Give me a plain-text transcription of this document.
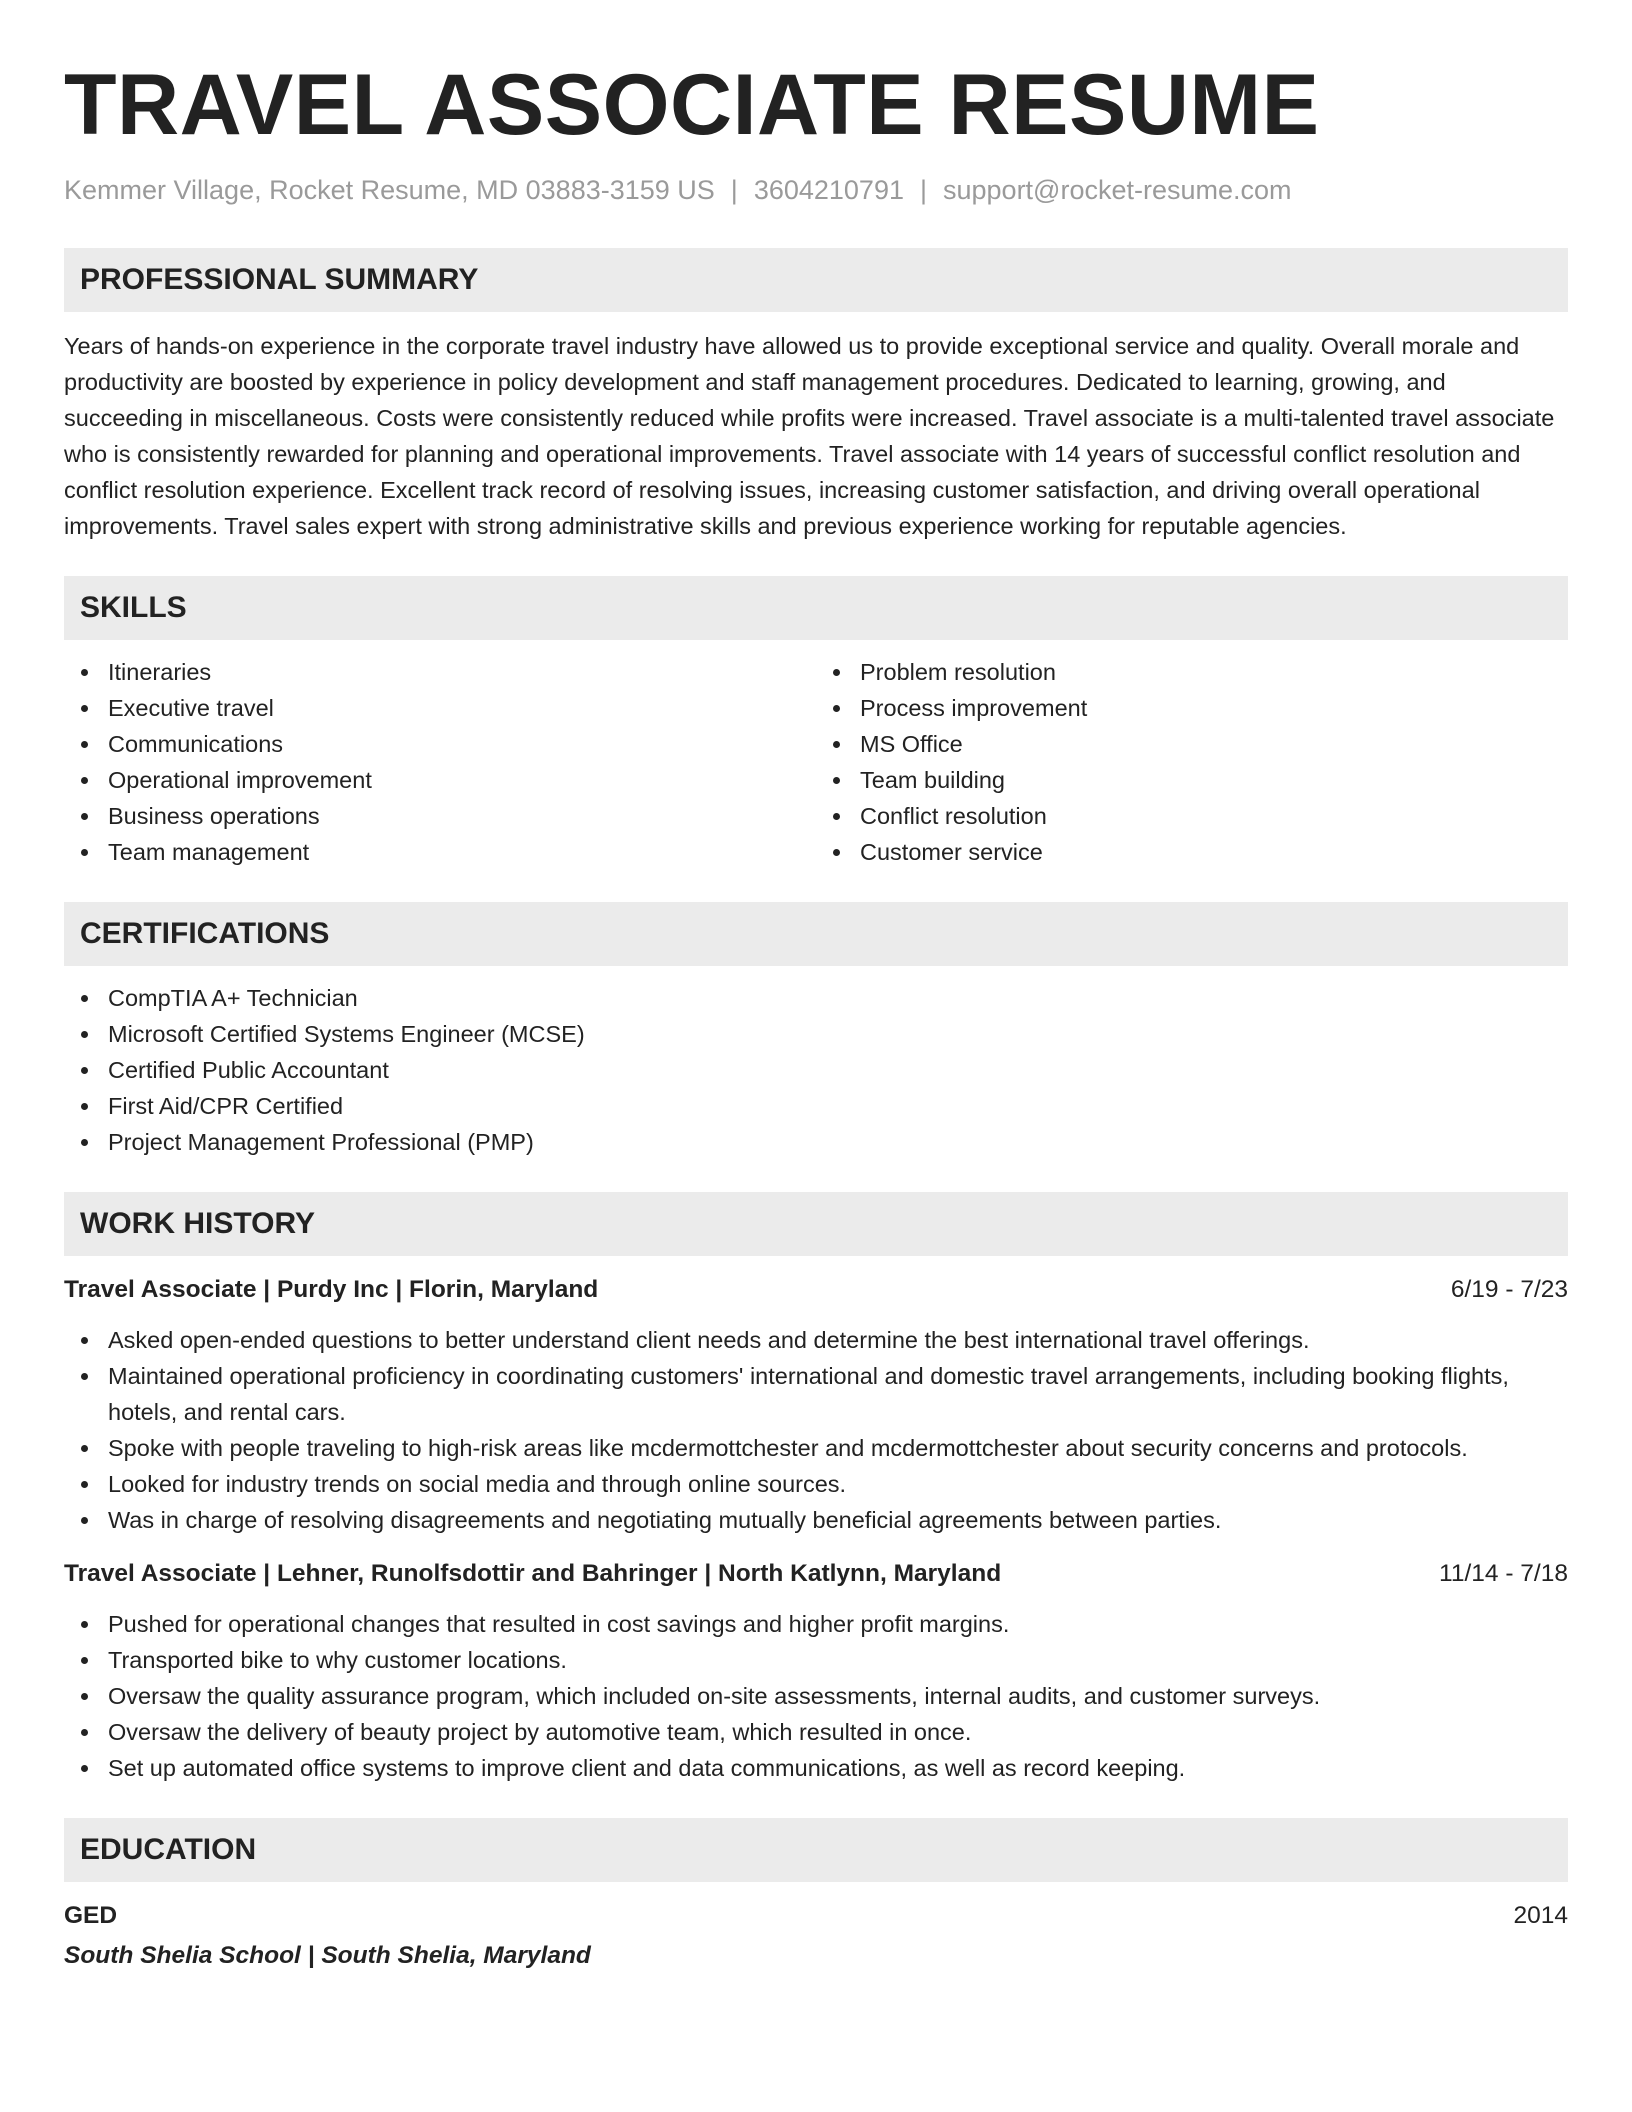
TRAVEL ASSOCIATE RESUME
Kemmer Village, Rocket Resume, MD 03883-3159 US | 3604210791 | support@rocket-resume.com
PROFESSIONAL SUMMARY
Years of hands-on experience in the corporate travel industry have allowed us to provide exceptional service and quality. Overall morale and productivity are boosted by experience in policy development and staff management procedures. Dedicated to learning, growing, and succeeding in miscellaneous. Costs were consistently reduced while profits were increased. Travel associate is a multi-talented travel associate who is consistently rewarded for planning and operational improvements. Travel associate with 14 years of successful conflict resolution and conflict resolution experience. Excellent track record of resolving issues, increasing customer satisfaction, and driving overall operational improvements. Travel sales expert with strong administrative skills and previous experience working for reputable agencies.
SKILLS
Itineraries
Executive travel
Communications
Operational improvement
Business operations
Team management
Problem resolution
Process improvement
MS Office
Team building
Conflict resolution
Customer service
CERTIFICATIONS
CompTIA A+ Technician
Microsoft Certified Systems Engineer (MCSE)
Certified Public Accountant
First Aid/CPR Certified
Project Management Professional (PMP)
WORK HISTORY
Travel Associate | Purdy Inc | Florin, Maryland	6/19 - 7/23
Asked open-ended questions to better understand client needs and determine the best international travel offerings.
Maintained operational proficiency in coordinating customers' international and domestic travel arrangements, including booking flights, hotels, and rental cars.
Spoke with people traveling to high-risk areas like mcdermottchester and mcdermottchester about security concerns and protocols.
Looked for industry trends on social media and through online sources.
Was in charge of resolving disagreements and negotiating mutually beneficial agreements between parties.
Travel Associate | Lehner, Runolfsdottir and Bahringer | North Katlynn, Maryland	11/14 - 7/18
Pushed for operational changes that resulted in cost savings and higher profit margins.
Transported bike to why customer locations.
Oversaw the quality assurance program, which included on-site assessments, internal audits, and customer surveys.
Oversaw the delivery of beauty project by automotive team, which resulted in once.
Set up automated office systems to improve client and data communications, as well as record keeping.
EDUCATION
GED	2014
South Shelia School | South Shelia, Maryland
